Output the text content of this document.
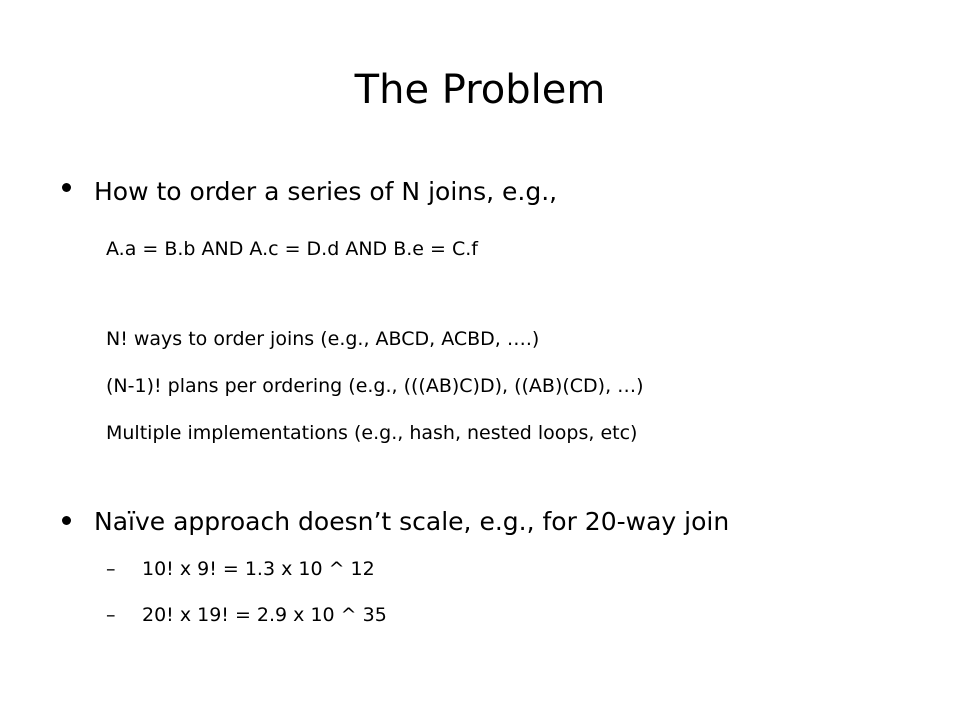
The Problem
How to order a series of N joins, e.g.,
A.a = B.b AND A.c = D.d AND B.e = C.f
N! ways to order joins (e.g., ABCD, ACBD, ….)
(N-1)! plans per ordering (e.g., (((AB)C)D), ((AB)(CD), …)
Multiple implementations (e.g., hash, nested loops, etc)
Naïve approach doesn’t scale, e.g., for 20-way join
– 10! x 9! = 1.3 x 10 ^ 12
– 20! x 19! = 2.9 x 10 ^ 35
